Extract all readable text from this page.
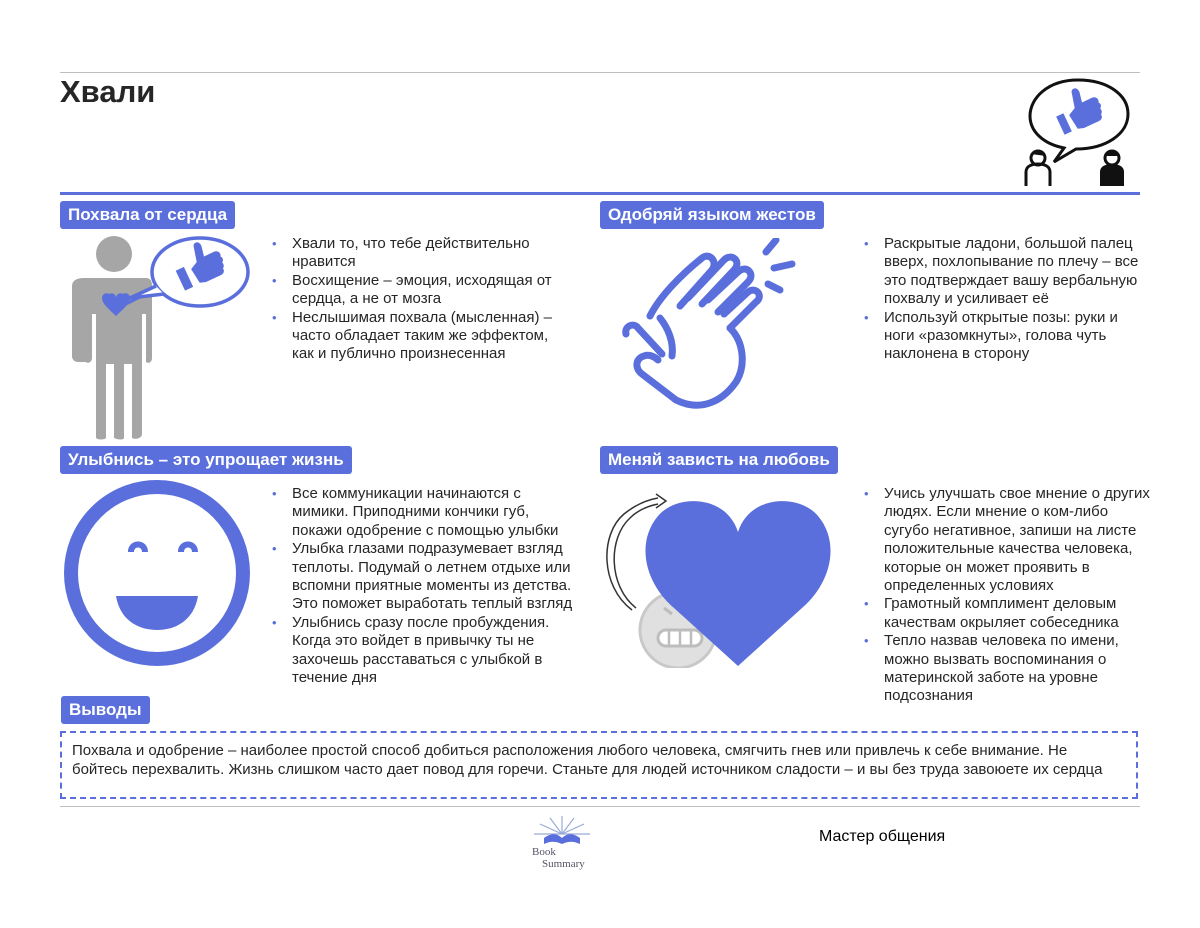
Хвали
Похвала от сердца
• Хвали то, что тебе действительно нравится
• Восхищение – эмоция, исходящая от сердца, а не от мозга
• Неслышимая похвала (мысленная) – часто обладает таким же эффектом, как и публично произнесенная
Одобряй языком жестов
• Раскрытые ладони, большой палец вверх, похлопывание по плечу – все это подтверждает вашу вербальную похвалу и усиливает её
• Используй открытые позы: руки и ноги «разомкнуты», голова чуть наклонена в сторону
Улыбнись – это упрощает жизнь
• Все коммуникации начинаются с мимики. Приподними кончики губ, покажи одобрение с помощью улыбки
• Улыбка глазами подразумевает взгляд теплоты. Подумай о летнем отдыхе или вспомни приятные моменты из детства. Это поможет выработать теплый взгляд
• Улыбнись сразу после пробуждения. Когда это войдет в привычку ты не захочешь расставаться с улыбкой в течение дня
Меняй зависть на любовь
• Учись улучшать свое мнение о других людях. Если мнение о ком-либо сугубо негативное, запиши на листе положительные качества человека, которые он может проявить в определенных условиях
• Грамотный комплимент деловым качествам окрыляет собеседника
• Тепло назвав человека по имени, можно вызвать воспоминания о материнской заботе на уровне подсознания
Выводы
Похвала и одобрение – наиболее простой способ добиться расположения любого человека, смягчить гнев или привлечь к себе внимание. Не бойтесь перехвалить. Жизнь слишком часто дает повод для горечи. Станьте для людей источником сладости – и вы без труда завоюете их сердца
Book
Summary
Мастер общения
